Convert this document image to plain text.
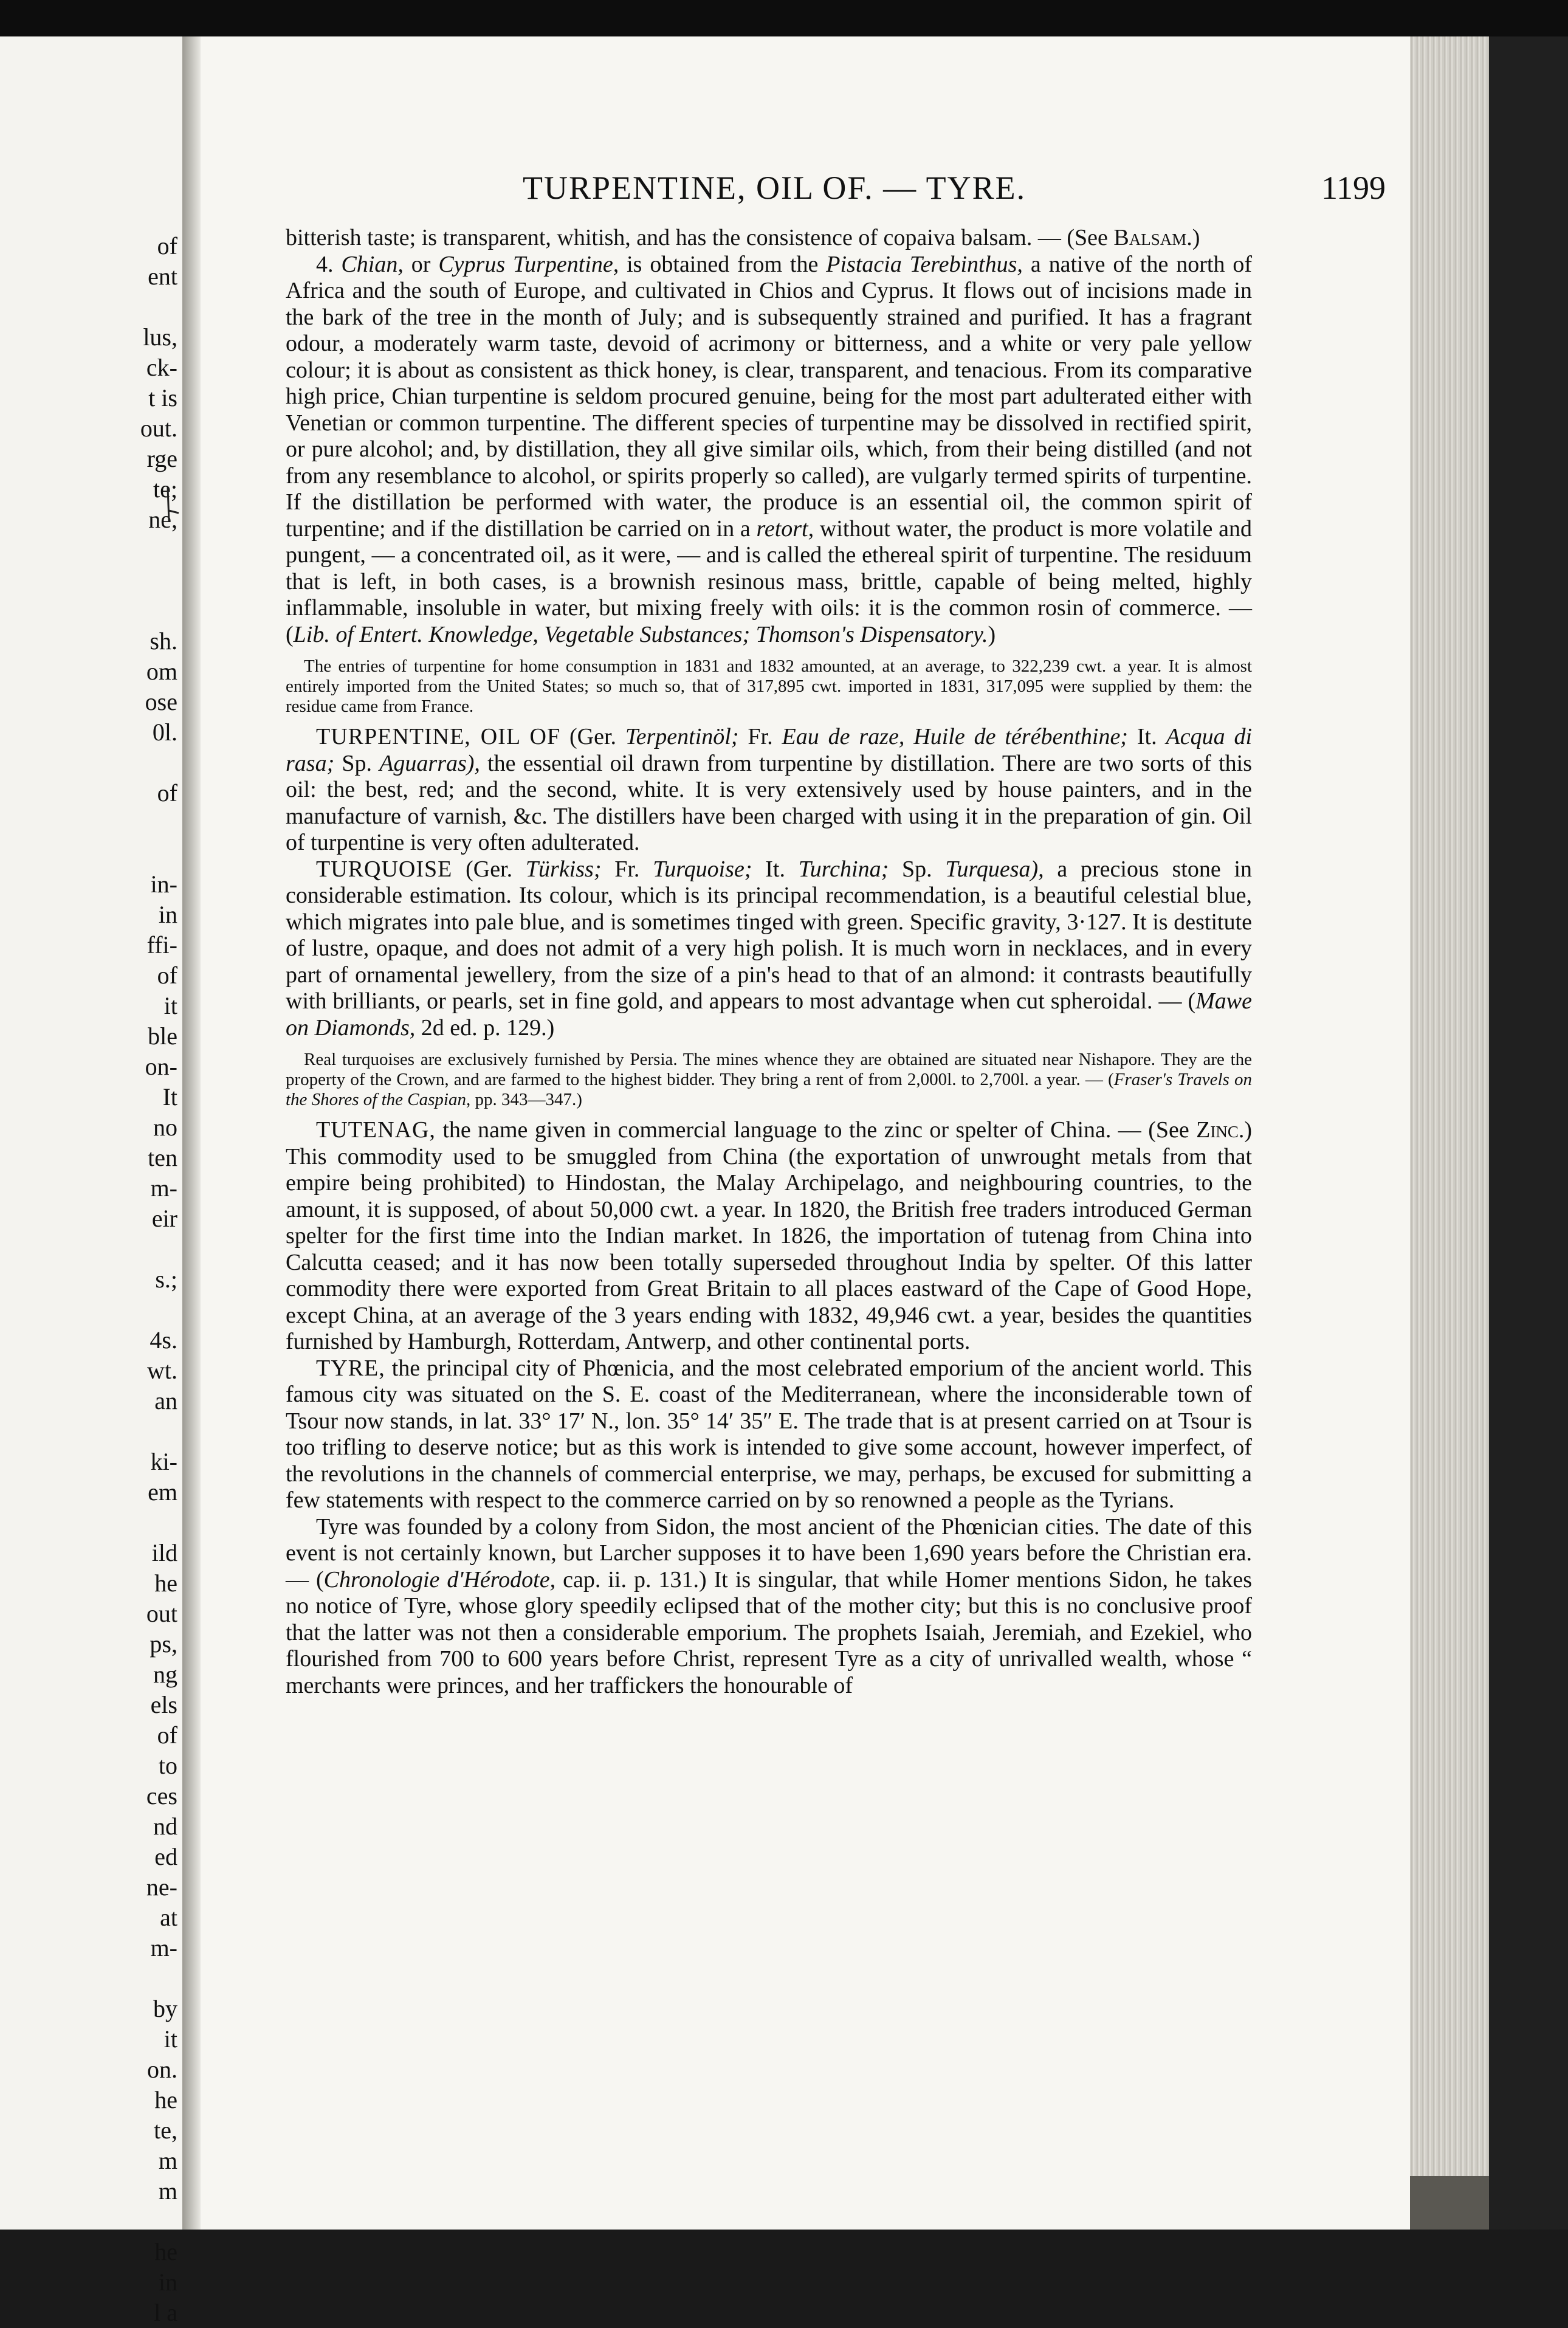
of
ent
lus,
ck-
t is
out.
rge
te;
ne,
sh.
om
ose
0l.
of
in-
in
ffi-
of
it
ble
on-
It
no
ten
m-
eir
s.;
4s.
wt.
an
ki-
em
ild
he
out
ps,
ng
els
of
to
ces
nd
ed
ne-
at
m-
by
it
on.
he
te,
m
m
he
in
l a
TURPENTINE, OIL OF. — TYRE.	1199

bitterish taste; is transparent, whitish, and has the consistence of copaiva balsam. — (See Balsam.)

4. Chian, or Cyprus Turpentine, is obtained from the Pistacia Terebinthus, a native of the north of Africa and the south of Europe, and cultivated in Chios and Cyprus. It flows out of incisions made in the bark of the tree in the month of July; and is subsequently strained and purified. It has a fragrant odour, a moderately warm taste, devoid of acrimony or bitterness, and a white or very pale yellow colour; it is about as consistent as thick honey, is clear, transparent, and tenacious. From its comparative high price, Chian turpentine is seldom procured genuine, being for the most part adulterated either with Venetian or common turpentine. The different species of turpentine may be dissolved in rectified spirit, or pure alcohol; and, by distillation, they all give similar oils, which, from their being distilled (and not from any resemblance to alcohol, or spirits properly so called), are vulgarly termed spirits of turpentine. If the distillation be performed with water, the produce is an essential oil, the common spirit of turpentine; and if the distillation be carried on in a retort, without water, the product is more volatile and pungent, — a concentrated oil, as it were, — and is called the ethereal spirit of turpentine. The residuum that is left, in both cases, is a brownish resinous mass, brittle, capable of being melted, highly inflammable, insoluble in water, but mixing freely with oils: it is the common rosin of commerce. — (Lib. of Entert. Knowledge, Vegetable Substances; Thomson's Dispensatory.)

The entries of turpentine for home consumption in 1831 and 1832 amounted, at an average, to 322,239 cwt. a year. It is almost entirely imported from the United States; so much so, that of 317,895 cwt. imported in 1831, 317,095 were supplied by them: the residue came from France.

TURPENTINE, OIL OF (Ger. Terpentinöl; Fr. Eau de raze, Huile de térébenthine; It. Acqua di rasa; Sp. Aguarras), the essential oil drawn from turpentine by distillation. There are two sorts of this oil: the best, red; and the second, white. It is very extensively used by house painters, and in the manufacture of varnish, &c. The distillers have been charged with using it in the preparation of gin. Oil of turpentine is very often adulterated.

TURQUOISE (Ger. Türkiss; Fr. Turquoise; It. Turchina; Sp. Turquesa), a precious stone in considerable estimation. Its colour, which is its principal recommendation, is a beautiful celestial blue, which migrates into pale blue, and is sometimes tinged with green. Specific gravity, 3·127. It is destitute of lustre, opaque, and does not admit of a very high polish. It is much worn in necklaces, and in every part of ornamental jewellery, from the size of a pin's head to that of an almond: it contrasts beautifully with brilliants, or pearls, set in fine gold, and appears to most advantage when cut spheroidal. — (Mawe on Diamonds, 2d ed. p. 129.)

Real turquoises are exclusively furnished by Persia. The mines whence they are obtained are situated near Nishapore. They are the property of the Crown, and are farmed to the highest bidder. They bring a rent of from 2,000l. to 2,700l. a year. — (Fraser's Travels on the Shores of the Caspian, pp. 343—347.)

TUTENAG, the name given in commercial language to the zinc or spelter of China. — (See Zinc.) This commodity used to be smuggled from China (the exportation of unwrought metals from that empire being prohibited) to Hindostan, the Malay Archipelago, and neighbouring countries, to the amount, it is supposed, of about 50,000 cwt. a year. In 1820, the British free traders introduced German spelter for the first time into the Indian market. In 1826, the importation of tutenag from China into Calcutta ceased; and it has now been totally superseded throughout India by spelter. Of this latter commodity there were exported from Great Britain to all places eastward of the Cape of Good Hope, except China, at an average of the 3 years ending with 1832, 49,946 cwt. a year, besides the quantities furnished by Hamburgh, Rotterdam, Antwerp, and other continental ports.

TYRE, the principal city of Phœnicia, and the most celebrated emporium of the ancient world. This famous city was situated on the S. E. coast of the Mediterranean, where the inconsiderable town of Tsour now stands, in lat. 33° 17′ N., lon. 35° 14′ 35″ E. The trade that is at present carried on at Tsour is too trifling to deserve notice; but as this work is intended to give some account, however imperfect, of the revolutions in the channels of commercial enterprise, we may, perhaps, be excused for submitting a few statements with respect to the commerce carried on by so renowned a people as the Tyrians.

Tyre was founded by a colony from Sidon, the most ancient of the Phœnician cities. The date of this event is not certainly known, but Larcher supposes it to have been 1,690 years before the Christian era. — (Chronologie d'Hérodote, cap. ii. p. 131.) It is singular, that while Homer mentions Sidon, he takes no notice of Tyre, whose glory speedily eclipsed that of the mother city; but this is no conclusive proof that the latter was not then a considerable emporium. The prophets Isaiah, Jeremiah, and Ezekiel, who flourished from 700 to 600 years before Christ, represent Tyre as a city of unrivalled wealth, whose “ merchants were princes, and her traffickers the honourable of
